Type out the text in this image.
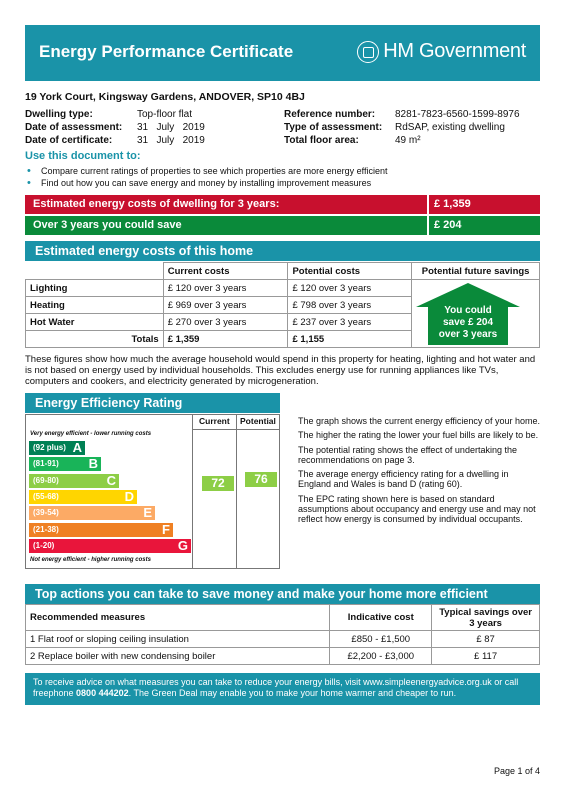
Energy Performance Certificate	HM Government
19 York Court, Kingsway Gardens, ANDOVER, SP10 4BJ
Dwelling type:	Top-floor flat	Reference number: 8281-7823-6560-1599-8976
Date of assessment: 31   July   2019	Type of assessment: RdSAP, existing dwelling
Date of certificate: 31   July   2019	Total floor area:	49 m²
Use this document to:
• Compare current ratings of properties to see which properties are more energy efficient
• Find out how you can save energy and money by installing improvement measures
Estimated energy costs of dwelling for 3 years:	£ 1,359
Over 3 years you could save	£ 204
Estimated energy costs of this home
	Current costs	Potential costs	Potential future savings
Lighting	£ 120 over 3 years	£ 120 over 3 years	
Heating	£ 969 over 3 years	£ 798 over 3 years	
Hot Water	£ 270 over 3 years	£ 237 over 3 years	
Totals	£ 1,359	£ 1,155	
You could
save £ 204
over 3 years
These figures show how much the average household would spend in this property for heating, lighting and hot water and is not based on energy used by individual households. This excludes energy use for running appliances like TVs, computers and cookers, and electricity generated by microgeneration.
Energy Efficiency Rating
Very energy efficient - lower running costs
(92 plus) A
(81-91) B
(69-80)	C
(55-68)	D
(39-54)	E
(21-38)	F
(1-20)	G
Not energy efficient - higher running costs
Current Potential
72	76

The graph shows the current energy efficiency of your home.

The higher the rating the lower your fuel bills are likely to be.

The potential rating shows the effect of undertaking the recommendations on page 3.

The average energy efficiency rating for a dwelling in England and Wales is band D (rating 60).

The EPC rating shown here is based on standard assumptions about occupancy and energy use and may not reflect how energy is consumed by individual occupants.

Top actions you can take to save money and make your home more efficient
Recommended measures	Indicative cost	Typical savings over 3 years
1 Flat roof or sloping ceiling insulation	£850 - £1,500	£ 87
2 Replace boiler with new condensing boiler	£2,200 - £3,000	£ 117
To receive advice on what measures you can take to reduce your energy bills, visit www.simpleenergyadvice.org.uk or call freephone 0800 444202. The Green Deal may enable you to make your home warmer and cheaper to run.
Page 1 of 4
